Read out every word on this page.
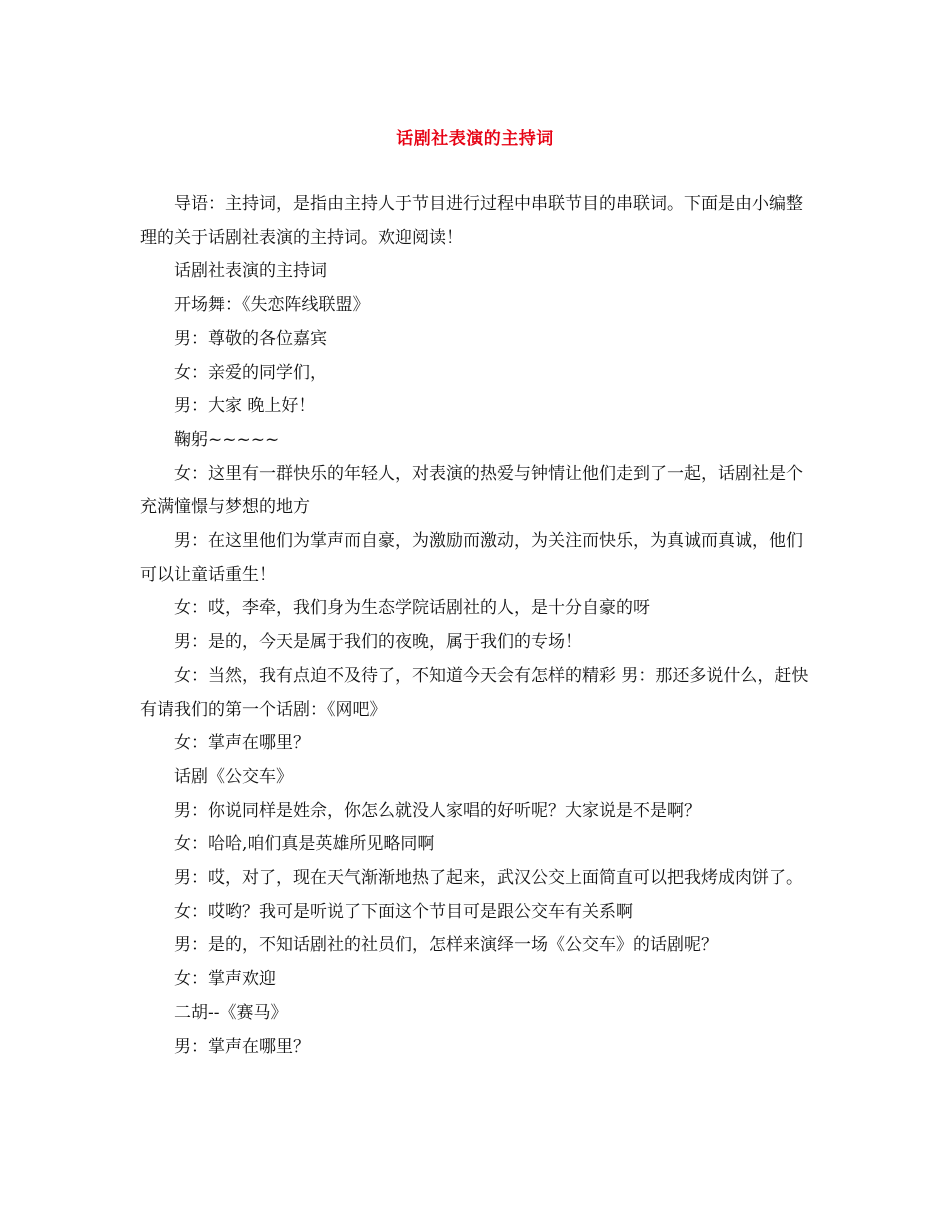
话剧社表演的主持词

导语：主持词，是指由主持人于节目进行过程中串联节目的串联词。下面是由小编整理的关于话剧社表演的主持词。欢迎阅读！

话剧社表演的主持词

开场舞：《失恋阵线联盟》

男：尊敬的各位嘉宾

女：亲爱的同学们，

男：大家 晚上好！

鞠躬~~~~~

女：这里有一群快乐的年轻人，对表演的热爱与钟情让他们走到了一起，话剧社是个充满憧憬与梦想的地方

男：在这里他们为掌声而自豪，为激励而激动，为关注而快乐，为真诚而真诚，他们可以让童话重生！

女：哎，李牵，我们身为生态学院话剧社的人，是十分自豪的呀

男：是的，今天是属于我们的夜晚，属于我们的专场！

女：当然，我有点迫不及待了，不知道今天会有怎样的精彩 男：那还多说什么，赶快有请我们的第一个话剧：《网吧》

女：掌声在哪里？

话剧《公交车》

男：你说同样是姓佘，你怎么就没人家唱的好听呢？大家说是不是啊？

女：哈哈,咱们真是英雄所见略同啊

男：哎，对了，现在天气渐渐地热了起来，武汉公交上面简直可以把我烤成肉饼了。

女：哎哟？我可是听说了下面这个节目可是跟公交车有关系啊

男：是的，不知话剧社的社员们，怎样来演绎一场《公交车》的话剧呢？

女：掌声欢迎

二胡--《赛马》

男：掌声在哪里？
